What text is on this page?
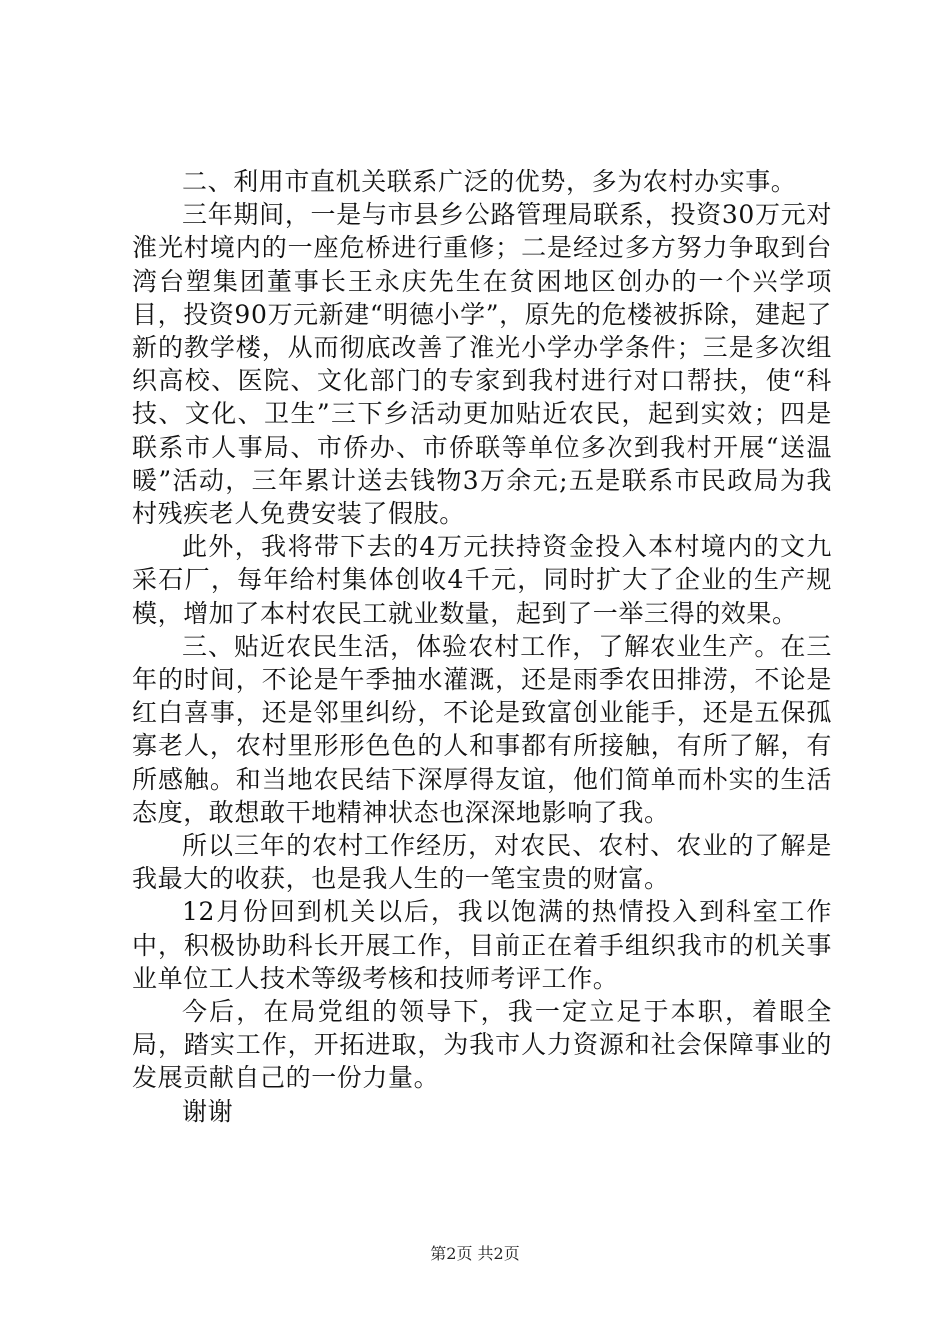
二、利用市直机关联系广泛的优势，多为农村办实事。

三年期间，一是与市县乡公路管理局联系，投资30万元对淮光村境内的一座危桥进行重修；二是经过多方努力争取到台湾台塑集团董事长王永庆先生在贫困地区创办的一个兴学项目，投资90万元新建“明德小学”，原先的危楼被拆除，建起了新的教学楼，从而彻底改善了淮光小学办学条件；三是多次组织高校、医院、文化部门的专家到我村进行对口帮扶，使“科技、文化、卫生”三下乡活动更加贴近农民，起到实效；四是联系市人事局、市侨办、市侨联等单位多次到我村开展“送温暖”活动，三年累计送去钱物3万余元;五是联系市民政局为我村残疾老人免费安装了假肢。

此外，我将带下去的4万元扶持资金投入本村境内的文九采石厂，每年给村集体创收4千元，同时扩大了企业的生产规模，增加了本村农民工就业数量，起到了一举三得的效果。

三、贴近农民生活，体验农村工作，了解农业生产。在三年的时间，不论是午季抽水灌溉，还是雨季农田排涝，不论是红白喜事，还是邻里纠纷，不论是致富创业能手，还是五保孤寡老人，农村里形形色色的人和事都有所接触，有所了解，有所感触。和当地农民结下深厚得友谊，他们简单而朴实的生活态度，敢想敢干地精神状态也深深地影响了我。

所以三年的农村工作经历，对农民、农村、农业的了解是我最大的收获，也是我人生的一笔宝贵的财富。

12月份回到机关以后，我以饱满的热情投入到科室工作中，积极协助科长开展工作，目前正在着手组织我市的机关事业单位工人技术等级考核和技师考评工作。

今后，在局党组的领导下，我一定立足于本职，着眼全局，踏实工作，开拓进取，为我市人力资源和社会保障事业的发展贡献自己的一份力量。

谢谢

第2页 共2页
